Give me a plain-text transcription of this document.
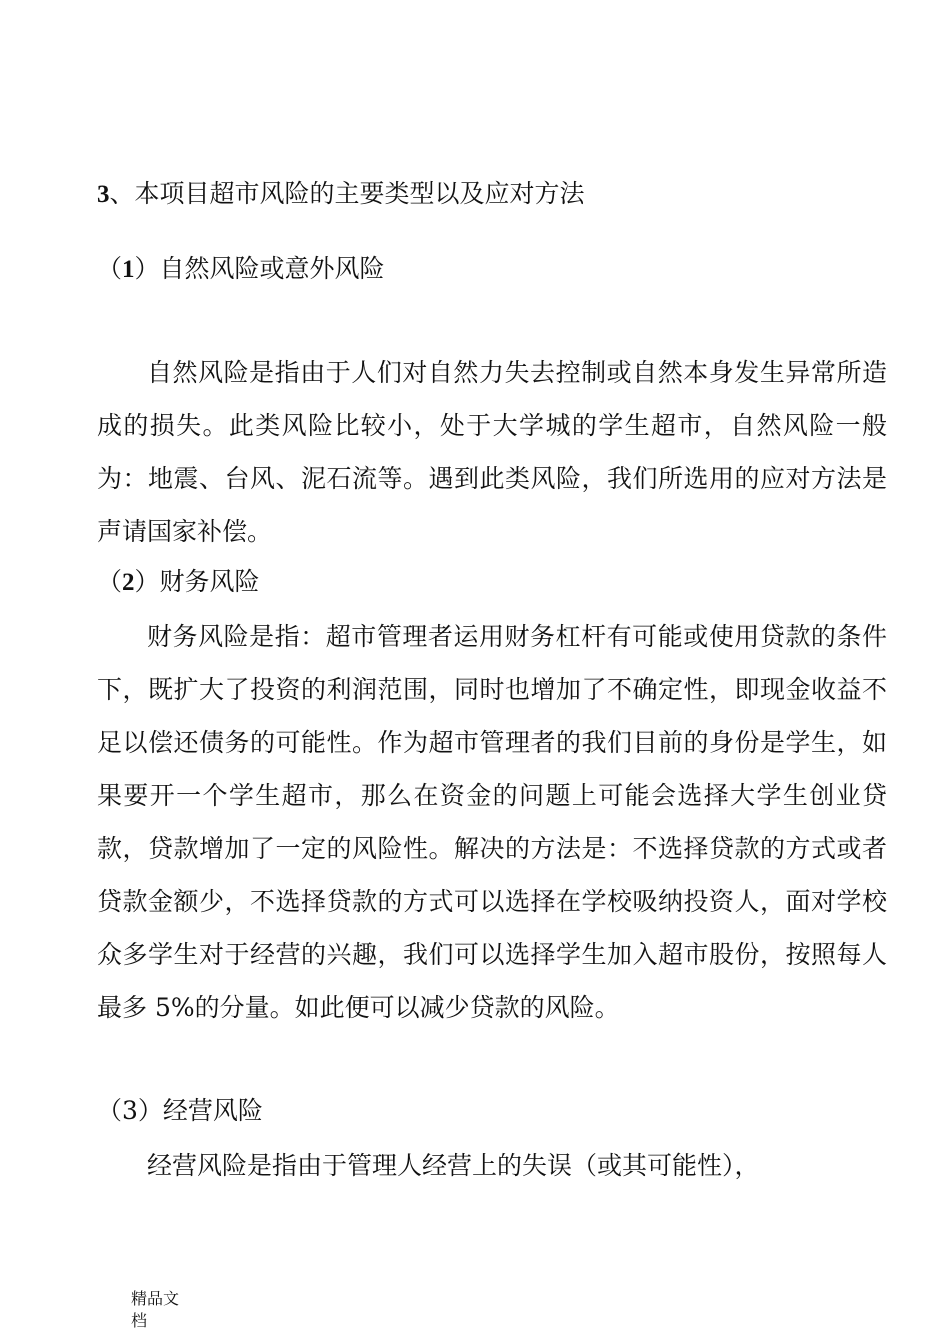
3、本项目超市风险的主要类型以及应对方法
（1）自然风险或意外风险

自然风险是指由于人们对自然力失去控制或自然本身发生异常所造成的损失。此类风险比较小，处于大学城的学生超市，自然风险一般为：地震、台风、泥石流等。遇到此类风险，我们所选用的应对方法是声请国家补偿。

（2）财务风险

财务风险是指：超市管理者运用财务杠杆有可能或使用贷款的条件下，既扩大了投资的利润范围，同时也增加了不确定性，即现金收益不足以偿还债务的可能性。作为超市管理者的我们目前的身份是学生，如果要开一个学生超市，那么在资金的问题上可能会选择大学生创业贷款，贷款增加了一定的风险性。解决的方法是：不选择贷款的方式或者贷款金额少，不选择贷款的方式可以选择在学校吸纳投资人，面对学校众多学生对于经营的兴趣，我们可以选择学生加入超市股份，按照每人最多 5%的分量。如此便可以减少贷款的风险。

（3）经营风险

经营风险是指由于管理人经营上的失误（或其可能性），

精品文档
